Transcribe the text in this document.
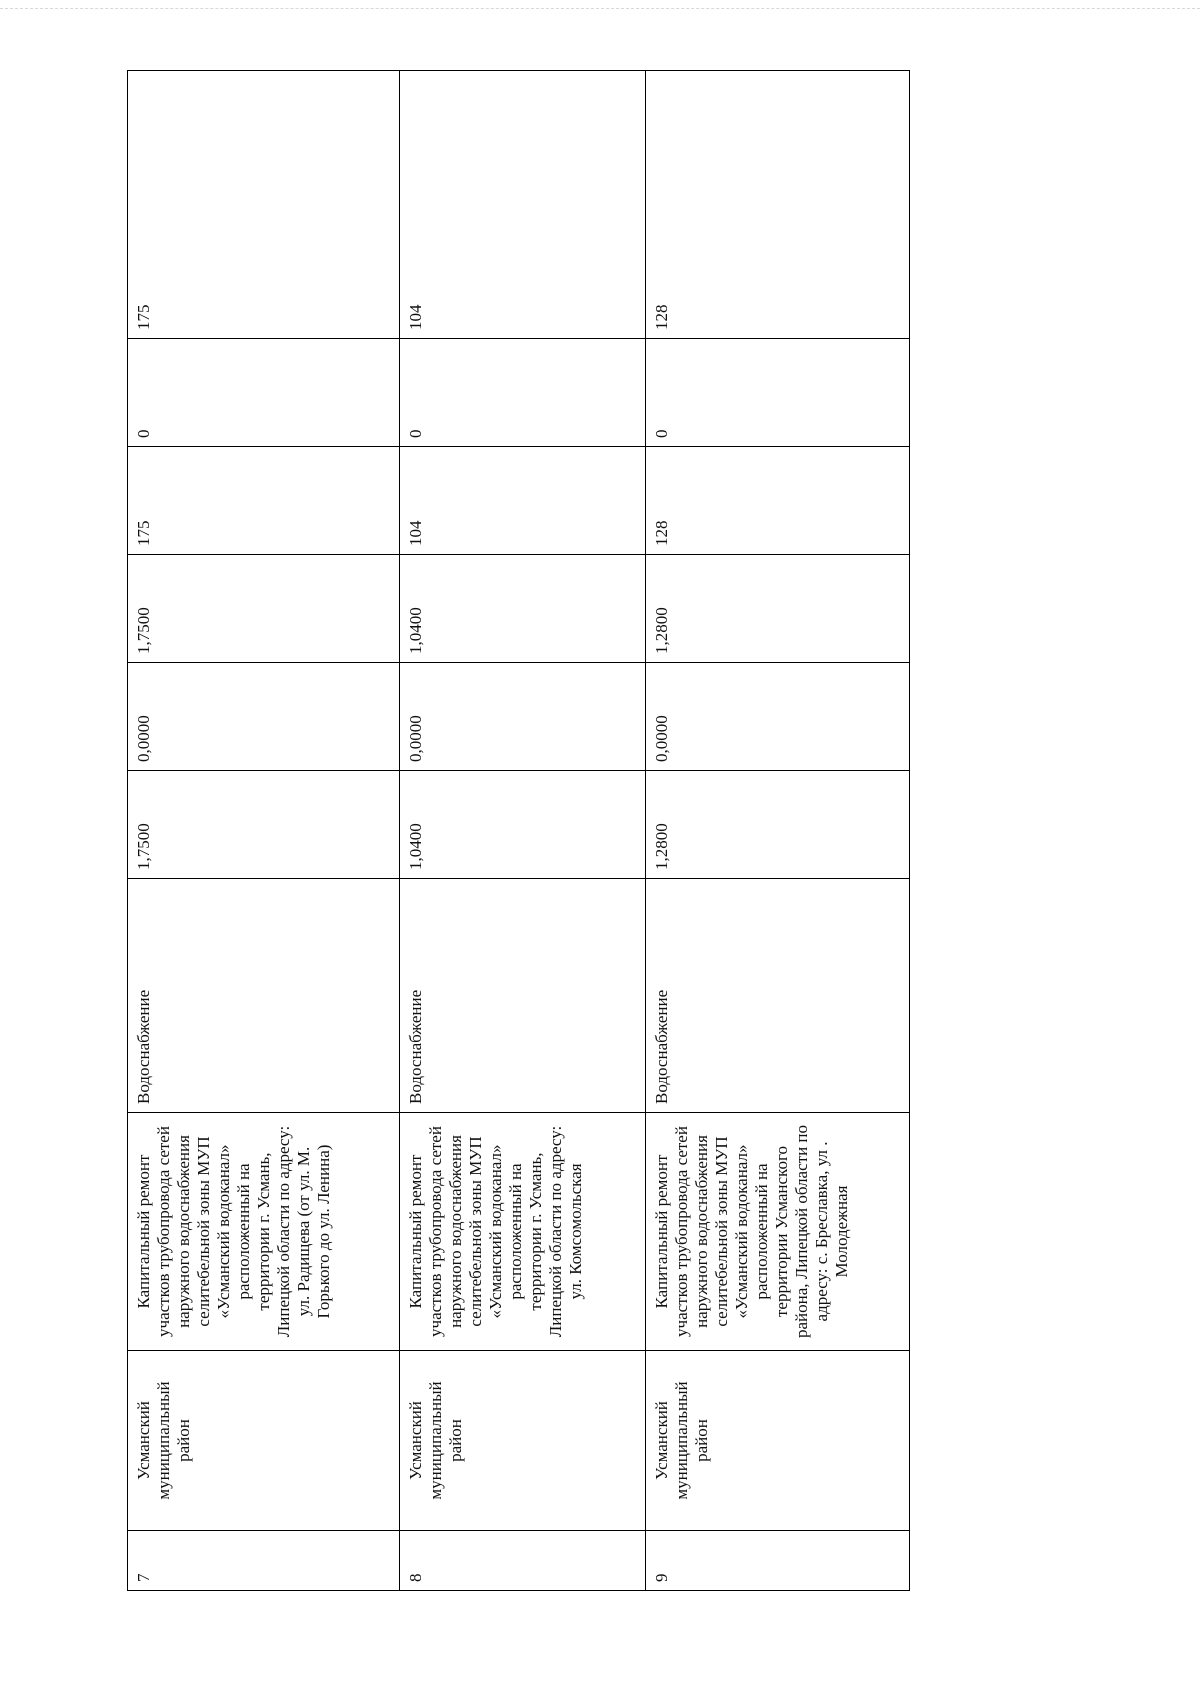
7	Усманский муниципальный район	Капитальный ремонт участков трубопровода сетей наружного водоснабжения селитебельной зоны МУП «Усманский водоканал» расположенный на территории г. Усмань, Липецкой области по адресу: ул. Радищева (от ул. М. Горького до ул. Ленина)	Водоснабжение	1,7500	0,0000	1,7500	175	0	175
8	Усманский муниципальный район	Капитальный ремонт участков трубопровода сетей наружного водоснабжения селитебельной зоны МУП «Усманский водоканал» расположенный на территории г. Усмань, Липецкой области по адресу: ул. Комсомольская	Водоснабжение	1,0400	0,0000	1,0400	104	0	104
9	Усманский муниципальный район	Капитальный ремонт участков трубопровода сетей наружного водоснабжения селитебельной зоны МУП «Усманский водоканал» расположенный на территории Усманского района, Липецкой области по адресу: с. Бреславка, ул . Молодежная	Водоснабжение	1,2800	0,0000	1,2800	128	0	128
